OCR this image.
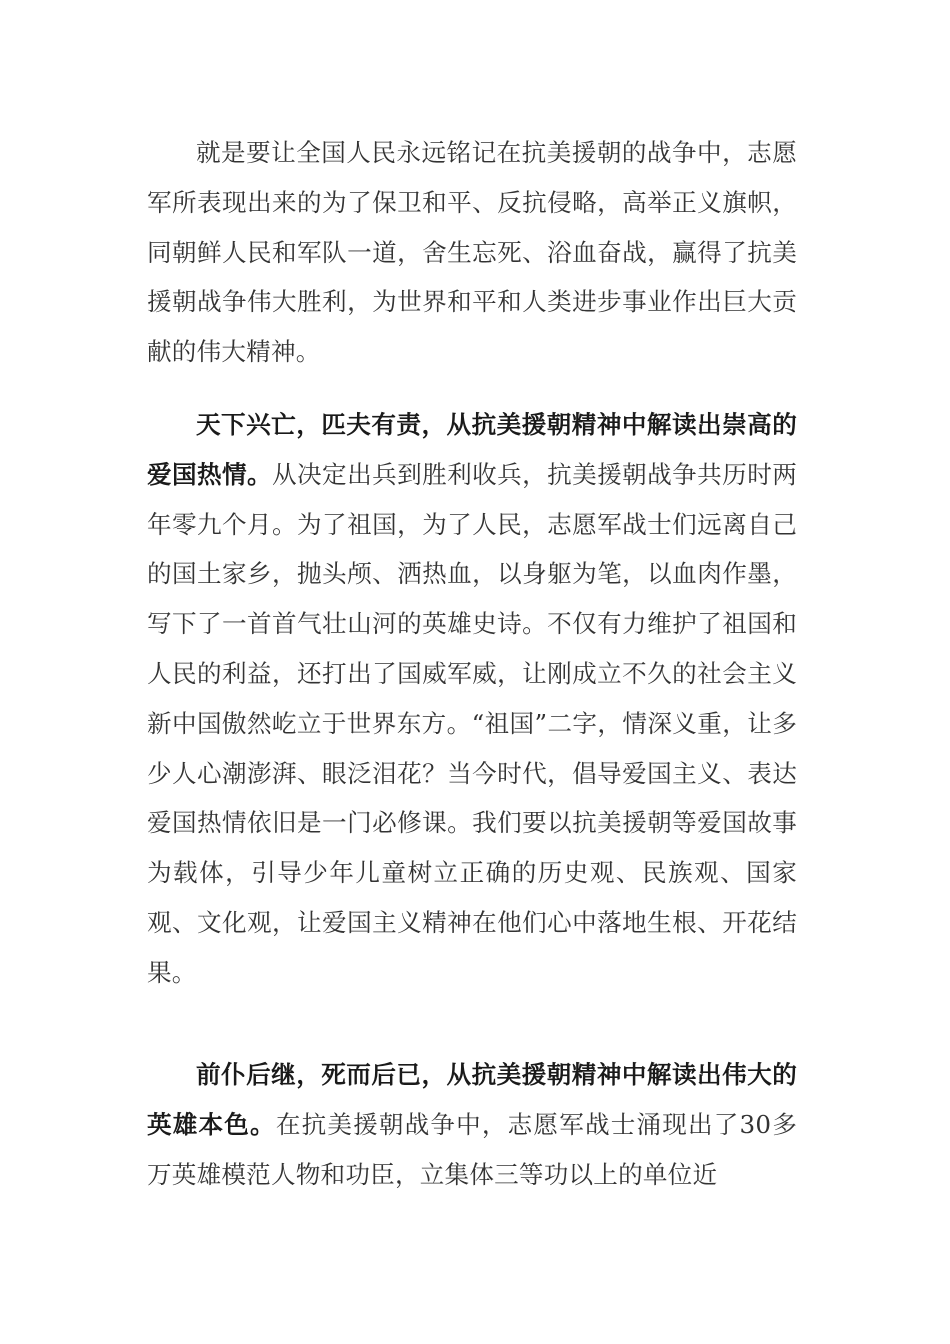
就是要让全国人民永远铭记在抗美援朝的战争中，志愿军所表现出来的为了保卫和平、反抗侵略，高举正义旗帜，同朝鲜人民和军队一道，舍生忘死、浴血奋战，赢得了抗美援朝战争伟大胜利，为世界和平和人类进步事业作出巨大贡献的伟大精神。

天下兴亡，匹夫有责，从抗美援朝精神中解读出崇高的爱国热情。从决定出兵到胜利收兵，抗美援朝战争共历时两年零九个月。为了祖国，为了人民，志愿军战士们远离自己的国土家乡，抛头颅、洒热血，以身躯为笔，以血肉作墨，写下了一首首气壮山河的英雄史诗。不仅有力维护了祖国和人民的利益，还打出了国威军威，让刚成立不久的社会主义新中国傲然屹立于世界东方。“祖国”二字，情深义重，让多少人心潮澎湃、眼泛泪花？当今时代，倡导爱国主义、表达爱国热情依旧是一门必修课。我们要以抗美援朝等爱国故事为载体，引导少年儿童树立正确的历史观、民族观、国家观、文化观，让爱国主义精神在他们心中落地生根、开花结果。

前仆后继，死而后已，从抗美援朝精神中解读出伟大的英雄本色。在抗美援朝战争中，志愿军战士涌现出了30多万英雄模范人物和功臣，立集体三等功以上的单位近
